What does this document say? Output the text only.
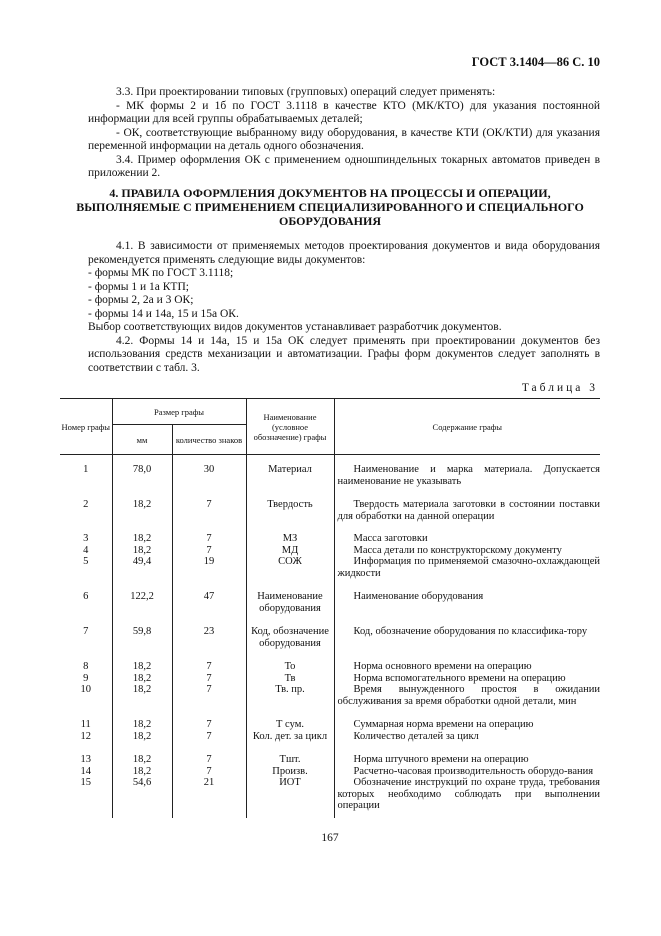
ГОСТ 3.1404—86 С. 10
3.3. При проектировании типовых (групповых) операций следует применять:
- МК формы 2 и 1б по ГОСТ 3.1118 в качестве КТО (МК/КТО) для указания постоянной информации для всей группы обрабатываемых деталей;
- ОК, соответствующие выбранному виду оборудования, в качестве КТИ (ОК/КТИ) для указания переменной информации на деталь одного обозначения.
3.4. Пример оформления ОК с применением одношпиндельных токарных автоматов приведен в приложении 2.
4. ПРАВИЛА ОФОРМЛЕНИЯ ДОКУМЕНТОВ НА ПРОЦЕССЫ И ОПЕРАЦИИ,
ВЫПОЛНЯЕМЫЕ С ПРИМЕНЕНИЕМ СПЕЦИАЛИЗИРОВАННОГО И СПЕЦИАЛЬНОГО
ОБОРУДОВАНИЯ
4.1. В зависимости от применяемых методов проектирования документов и вида оборудования рекомендуется применять следующие виды документов:
- формы МК по ГОСТ 3.1118;
- формы 1 и 1а КТП;
- формы 2, 2а и 3 ОК;
- формы 14 и 14а, 15 и 15а ОК.
Выбор соответствующих видов документов устанавливает разработчик документов.
4.2. Формы 14 и 14а, 15 и 15а ОК следует применять при проектировании документов без использования средств механизации и автоматизации. Графы форм документов следует заполнять в соответствии с табл. 3.
Таблица 3
Номер графы	Размер графы		Наименование (условное обозначение) графы	Содержание графы
	мм	количество знаков		
1	78,0	30	Материал	Наименование и марка материала. Допускается наименование не указывать
2	18,2	7	Твердость	Твердость материала заготовки в состоянии поставки для обработки на данной операции
3	18,2	7	МЗ	Масса заготовки
4	18,2	7	МД	Масса детали по конструкторскому документу
5	49,4	19	СОЖ	Информация по применяемой смазочно-охлаждающей жидкости
6	122,2	47	Наименование оборудования	Наименование оборудования
7	59,8	23	Код, обозначение оборудования	Код, обозначение оборудования по классифика-тору
8	18,2	7	То	Норма основного времени на операцию
9	18,2	7	Тв	Норма вспомогательного времени на операцию
10	18,2	7	Тв. пр.	Время вынужденного простоя в ожидании обслуживания за время обработки одной детали, мин
11	18,2	7	Т сум.	Суммарная норма времени на операцию
12	18,2	7	Кол. дет. за цикл	Количество деталей за цикл
13	18,2	7	Тшт.	Норма штучного времени на операцию
14	18,2	7	Произв.	Расчетно-часовая производительность оборудо-вания
15	54,6	21	ИОТ	Обозначение инструкций по охране труда, требования которых необходимо соблюдать при выполнении операции
167
